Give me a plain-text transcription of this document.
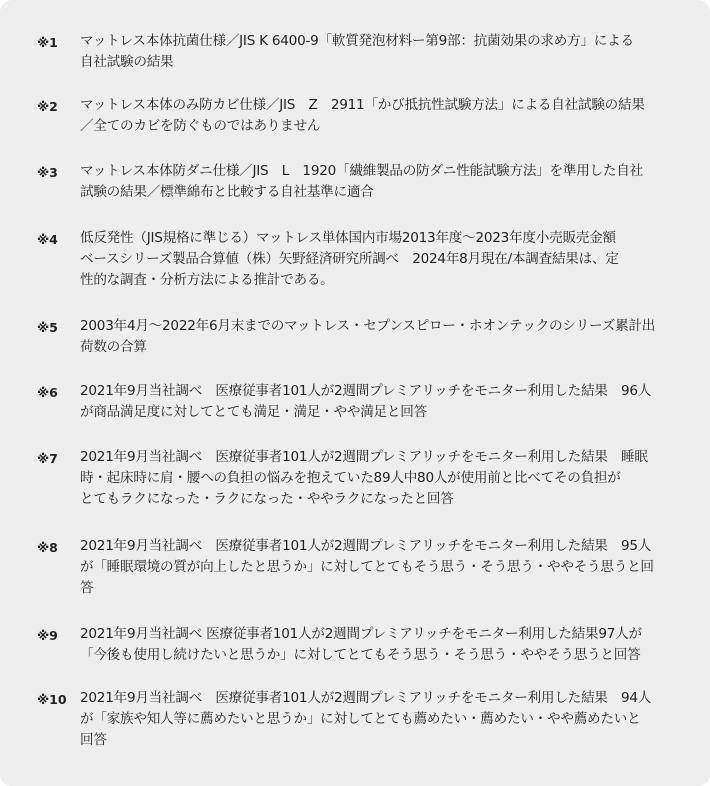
※1 マットレス本体抗菌仕様／JIS K 6400-9「軟質発泡材料ー第9部：抗菌効果の求め方」による
自社試験の結果
※2 マットレス本体のみ防カビ仕様／JIS　Z　2911「かび抵抗性試験方法」による自社試験の結果
／全てのカビを防ぐものではありません
※3 マットレス本体防ダニ仕様／JIS　L　1920「繊維製品の防ダニ性能試験方法」を準用した自社
試験の結果／標準綿布と比較する自社基準に適合
※4 低反発性（JIS規格に準じる）マットレス単体国内市場2013年度〜2023年度小売販売金額
ベースシリーズ製品合算値（株）矢野経済研究所調べ　2024年8月現在/本調査結果は、定
性的な調査・分析方法による推計である。
※5 2003年4月〜2022年6月末までのマットレス・セプンスピロー・ホオンテックのシリーズ累計出
荷数の合算
※6 2021年9月当社調べ　医療従事者101人が2週間プレミアリッチをモニター利用した結果　96人
が商品満足度に対してとても満足・満足・やや満足と回答
※7 2021年9月当社調べ　医療従事者101人が2週間プレミアリッチをモニター利用した結果　睡眠
時・起床時に肩・腰への負担の悩みを抱えていた89人中80人が使用前と比べてその負担が
とてもラクになった・ラクになった・ややラクになったと回答
※8 2021年9月当社調べ　医療従事者101人が2週間プレミアリッチをモニター利用した結果　95人
が「睡眠環境の質が向上したと思うか」に対してとてもそう思う・そう思う・ややそう思うと回
答
※9 2021年9月当社調べ 医療従事者101人が2週間プレミアリッチをモニター利用した結果97人が
「今後も使用し続けたいと思うか」に対してとてもそう思う・そう思う・ややそう思うと回答
※10 2021年9月当社調べ　医療従事者101人が2週間プレミアリッチをモニター利用した結果　94人
が「家族や知人等に薦めたいと思うか」に対してとても薦めたい・薦めたい・やや薦めたいと
回答
